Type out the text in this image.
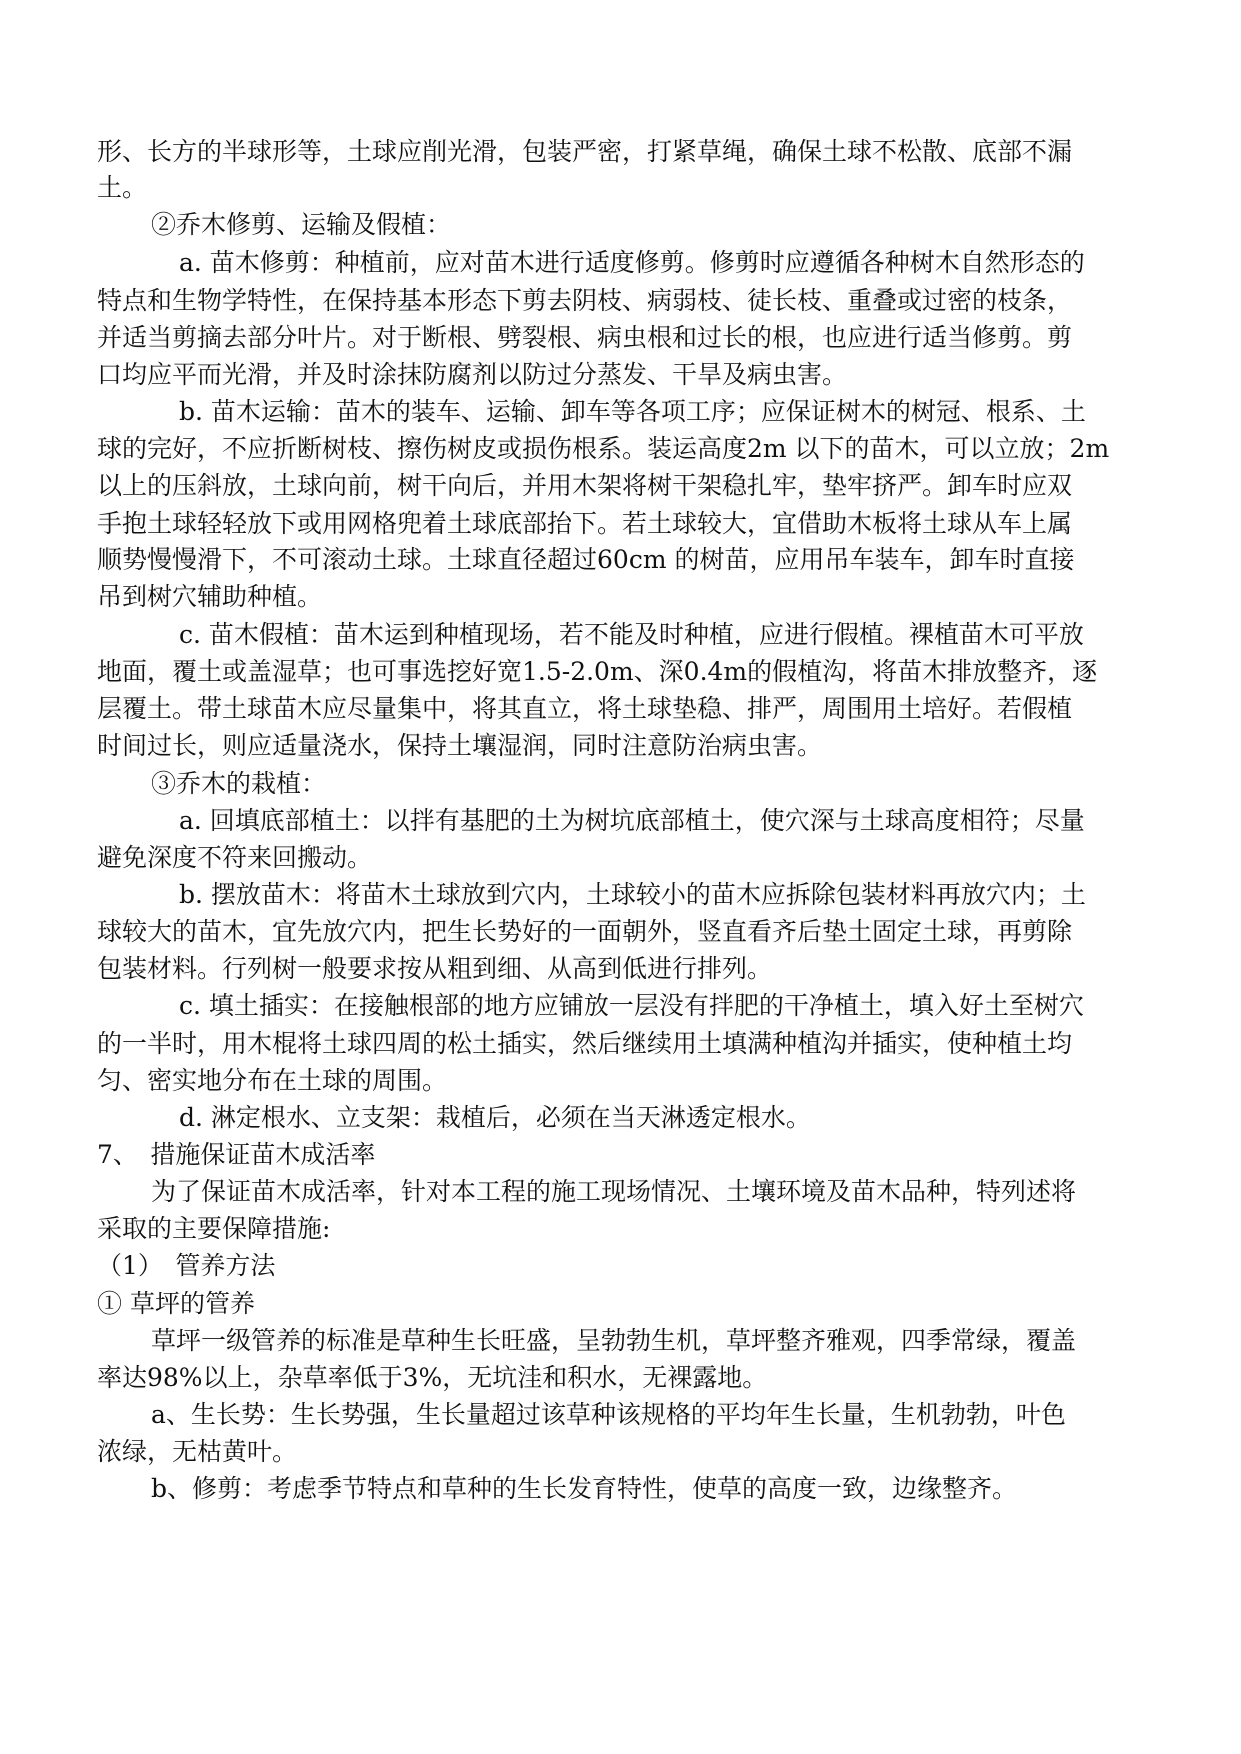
形、长方的半球形等，土球应削光滑，包装严密，打紧草绳，确保土球不松散、底部不漏
土。
②乔木修剪、运输及假植：
a. 苗木修剪：种植前，应对苗木进行适度修剪。修剪时应遵循各种树木自然形态的
特点和生物学特性，在保持基本形态下剪去阴枝、病弱枝、徒长枝、重叠或过密的枝条，
并适当剪摘去部分叶片。对于断根、劈裂根、病虫根和过长的根，也应进行适当修剪。剪
口均应平而光滑，并及时涂抹防腐剂以防过分蒸发、干旱及病虫害。
b. 苗木运输：苗木的装车、运输、卸车等各项工序；应保证树木的树冠、根系、土
球的完好，不应折断树枝、擦伤树皮或损伤根系。装运高度2m 以下的苗木，可以立放；2m
以上的压斜放，土球向前，树干向后，并用木架将树干架稳扎牢，垫牢挤严。卸车时应双
手抱土球轻轻放下或用网格兜着土球底部抬下。若土球较大，宜借助木板将土球从车上属
顺势慢慢滑下，不可滚动土球。土球直径超过60cm 的树苗，应用吊车装车，卸车时直接
吊到树穴辅助种植。
c. 苗木假植：苗木运到种植现场，若不能及时种植，应进行假植。裸植苗木可平放
地面，覆土或盖湿草；也可事选挖好宽1.5-2.0m、深0.4m的假植沟，将苗木排放整齐，逐
层覆土。带土球苗木应尽量集中，将其直立，将土球垫稳、排严，周围用土培好。若假植
时间过长，则应适量浇水，保持土壤湿润，同时注意防治病虫害。
③乔木的栽植：
a. 回填底部植土：以拌有基肥的土为树坑底部植土，使穴深与土球高度相符；尽量
避免深度不符来回搬动。
b. 摆放苗木：将苗木土球放到穴内，土球较小的苗木应拆除包装材料再放穴内；土
球较大的苗木，宜先放穴内，把生长势好的一面朝外，竖直看齐后垫土固定土球，再剪除
包装材料。行列树一般要求按从粗到细、从高到低进行排列。
c. 填土插实：在接触根部的地方应铺放一层没有拌肥的干净植土，填入好土至树穴
的一半时，用木棍将土球四周的松土插实，然后继续用土填满种植沟并插实，使种植土均
匀、密实地分布在土球的周围。
d. 淋定根水、立支架：栽植后，必须在当天淋透定根水。
7、　措施保证苗木成活率
为了保证苗木成活率，针对本工程的施工现场情况、土壤环境及苗木品种，特列述将
采取的主要保障措施:
（1）　管养方法
① 草坪的管养
草坪一级管养的标准是草种生长旺盛，呈勃勃生机，草坪整齐雅观，四季常绿，覆盖
率达98%以上，杂草率低于3%，无坑洼和积水，无裸露地。
a、生长势：生长势强，生长量超过该草种该规格的平均年生长量，生机勃勃，叶色
浓绿，无枯黄叶。
b、修剪：考虑季节特点和草种的生长发育特性，使草的高度一致，边缘整齐。
